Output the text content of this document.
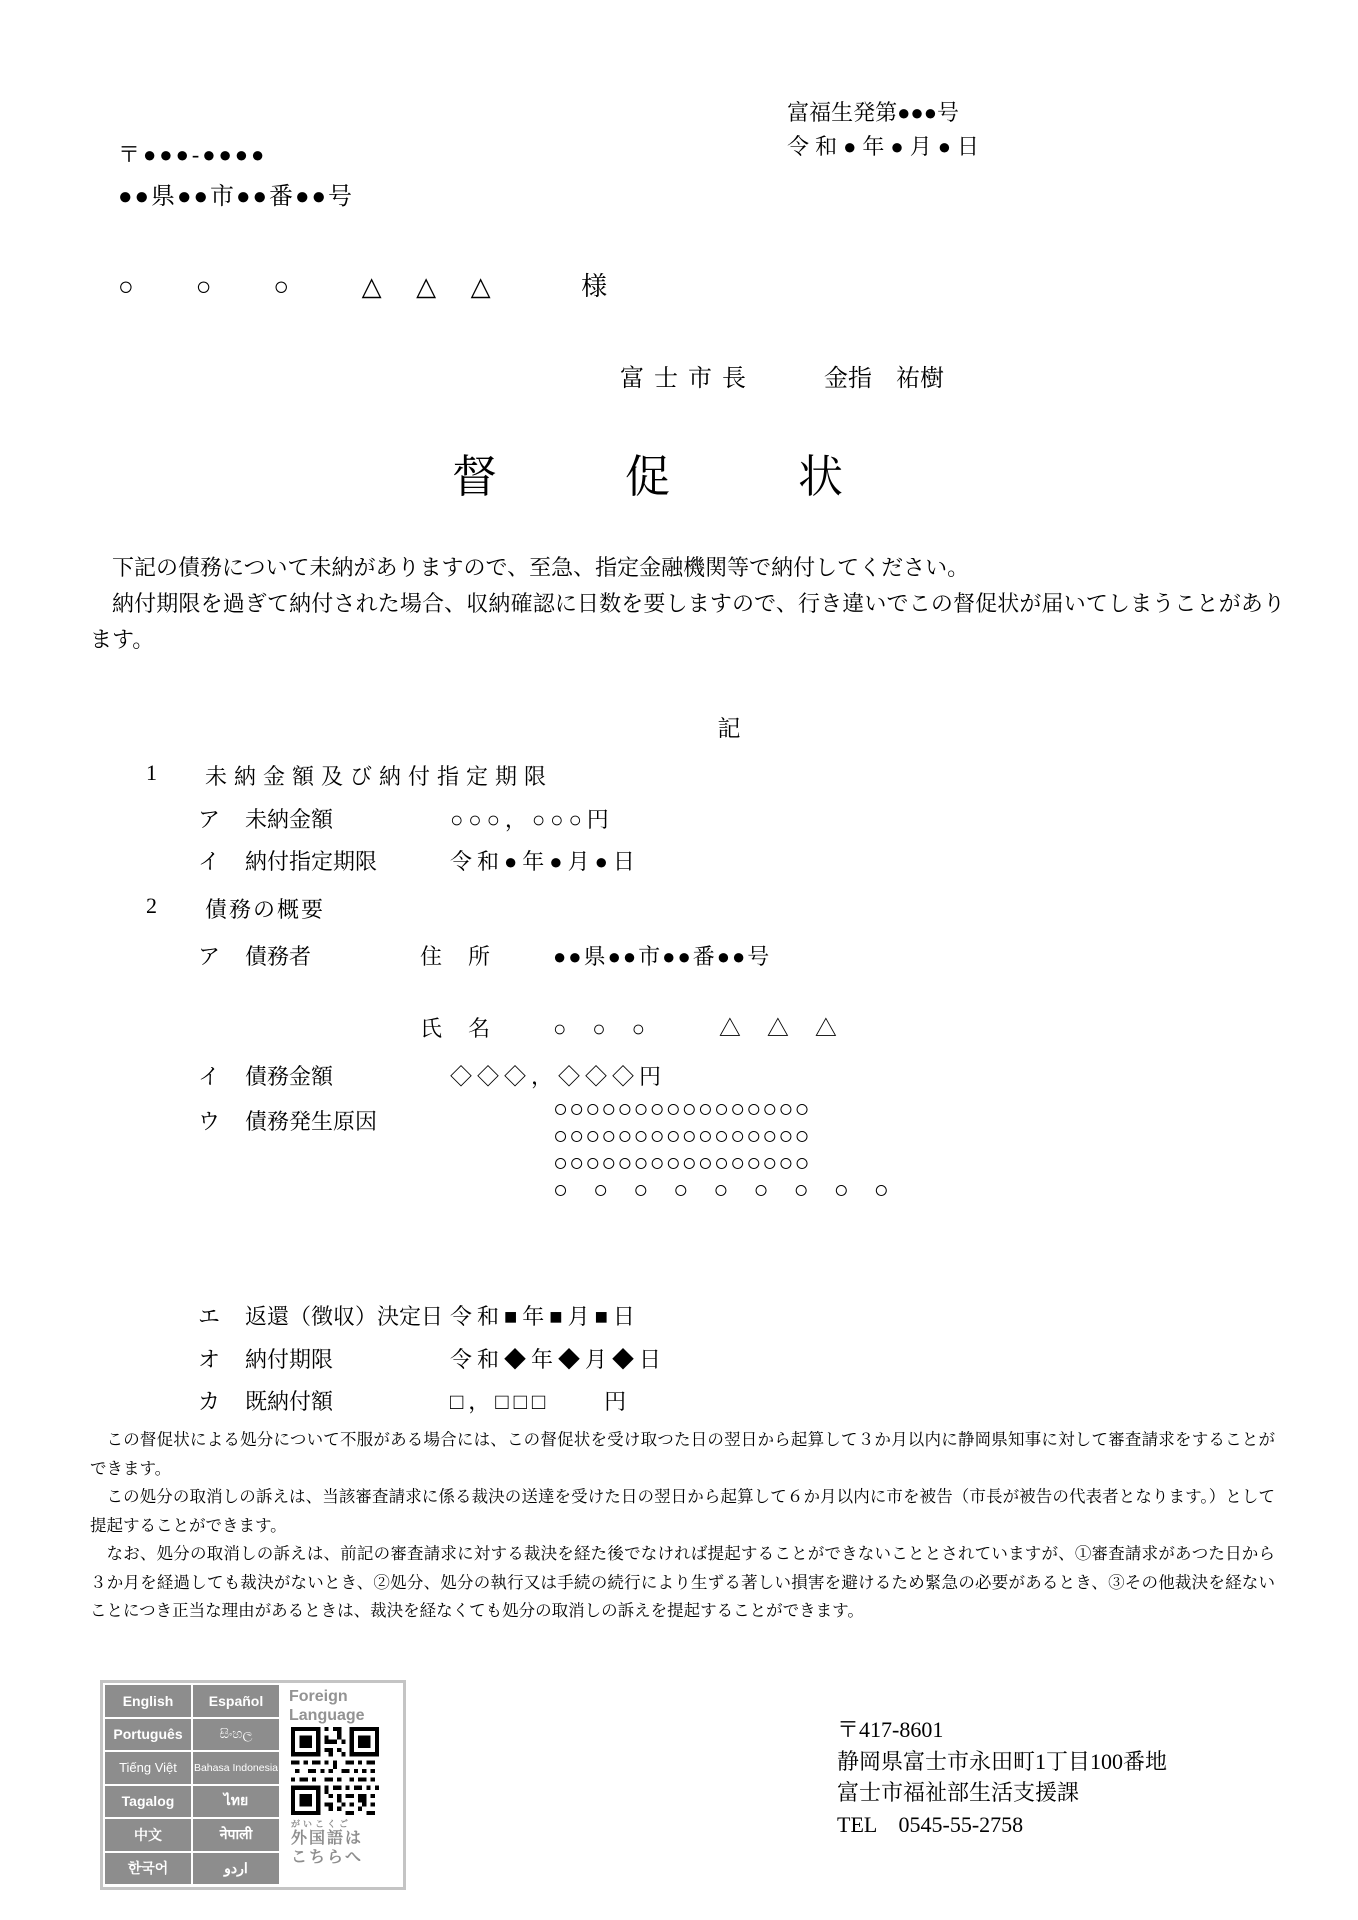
富福生発第●●●号
令和●年●月●日
〒●●●-●●●●
●●県●●市●●番●●号
○　○　○ △ △ △	様
富士市長	金指　祐樹
督促状

下記の債務について未納がありますので、至急、指定金融機関等で納付してください。

納付期限を過ぎて納付された場合、収納確認に日数を要しますので、行き違いでこの督促状が届いてしまうことがあります。

記
1 未納金額及び納付指定期限
ア 未納金額	○○○，○○○円
イ 納付指定期限	令和●年●月●日
2 債務の概要
ア 債務者	住　所	●●県●●市●●番●●号
氏　名	○　○　○　　　△　△　△
イ 債務金額	◇◇◇，◇◇◇円
ウ 債務発生原因	○○○○○○○○○○○○○○○○
○○○○○○○○○○○○○○○○
○○○○○○○○○○○○○○○○
○　○　○　○　○　○　○　○　○
エ 返還（徴収）決定日 令和■年■月■日
オ 納付期限	令和◆年◆月◆日
カ 既納付額	□，□□□　　円

この督促状による処分について不服がある場合には、この督促状を受け取つた日の翌日から起算して３か月以内に静岡県知事に対して審査請求をすることができます。

この処分の取消しの訴えは、当該審査請求に係る裁決の送達を受けた日の翌日から起算して６か月以内に市を被告（市長が被告の代表者となります。）として提起することができます。

なお、処分の取消しの訴えは、前記の審査請求に対する裁決を経た後でなければ提起することができないこととされていますが、①審査請求があつた日から３か月を経過しても裁決がないとき、②処分、処分の執行又は手続の続行により生ずる著しい損害を避けるため緊急の必要があるとき、③その他裁決を経ないことにつき正当な理由があるときは、裁決を経なくても処分の取消しの訴えを提起することができます。

English	Español
Português	සිංහල
Tiếng Việt	Bahasa Indonesia
Tagalog	ไทย
中文	नेपाली
한국어	اردو
Foreign
Language
がいこくご
外国語は
こちらへ
〒417-8601
静岡県富士市永田町1丁目100番地
富士市福祉部生活支援課
TEL　0545-55-2758
